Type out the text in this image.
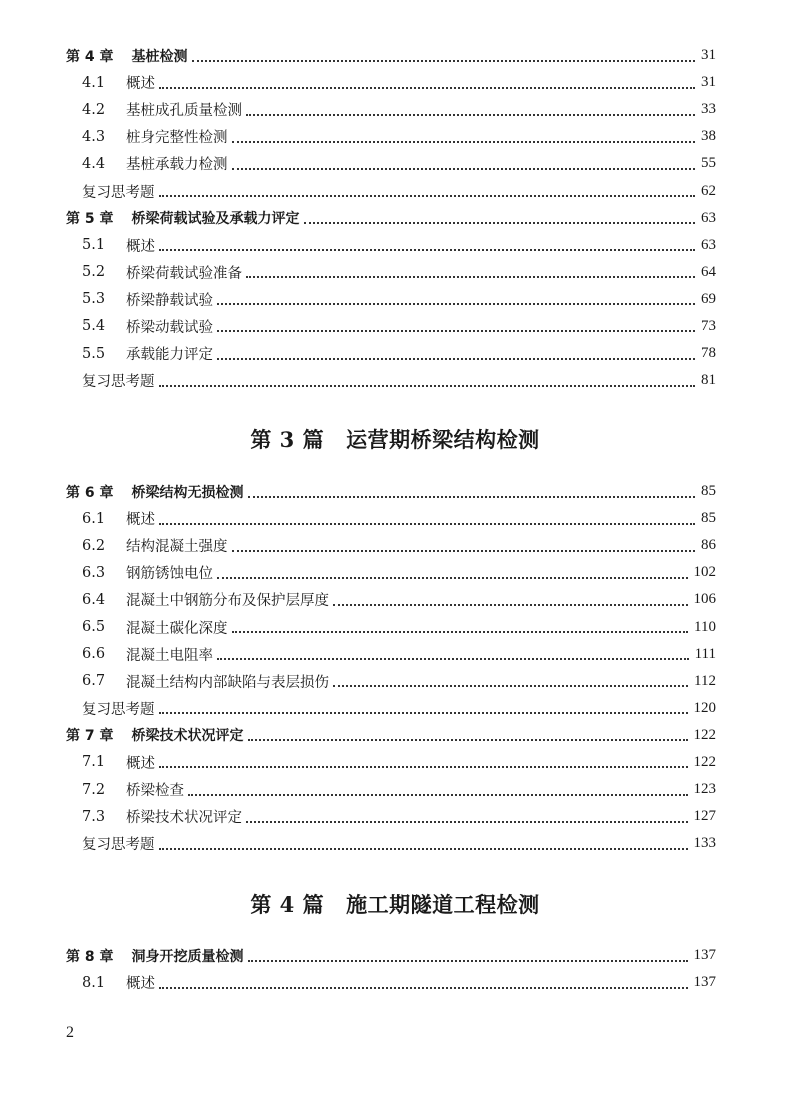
第 4 章 基桩检测	31
4.1	概述	31
4.2	基桩成孔质量检测	33
4.3	桩身完整性检测	38
4.4	基桩承载力检测	55
复习思考题	62
第 5 章 桥梁荷载试验及承载力评定	63
5.1	概述	63
5.2	桥梁荷载试验准备	64
5.3	桥梁静载试验	69
5.4	桥梁动载试验	73
5.5	承载能力评定	78
复习思考题	81
第 3 篇 运营期桥梁结构检测
第 6 章 桥梁结构无损检测	85
6.1	概述	85
6.2	结构混凝土强度	86
6.3	钢筋锈蚀电位	102
6.4	混凝土中钢筋分布及保护层厚度	106
6.5	混凝土碳化深度	110
6.6	混凝土电阻率	111
6.7	混凝土结构内部缺陷与表层损伤	112
复习思考题	120
第 7 章 桥梁技术状况评定	122
7.1	概述	122
7.2	桥梁检查	123
7.3	桥梁技术状况评定	127
复习思考题	133
第 4 篇 施工期隧道工程检测
第 8 章 洞身开挖质量检测	137
8.1	概述	137
2
